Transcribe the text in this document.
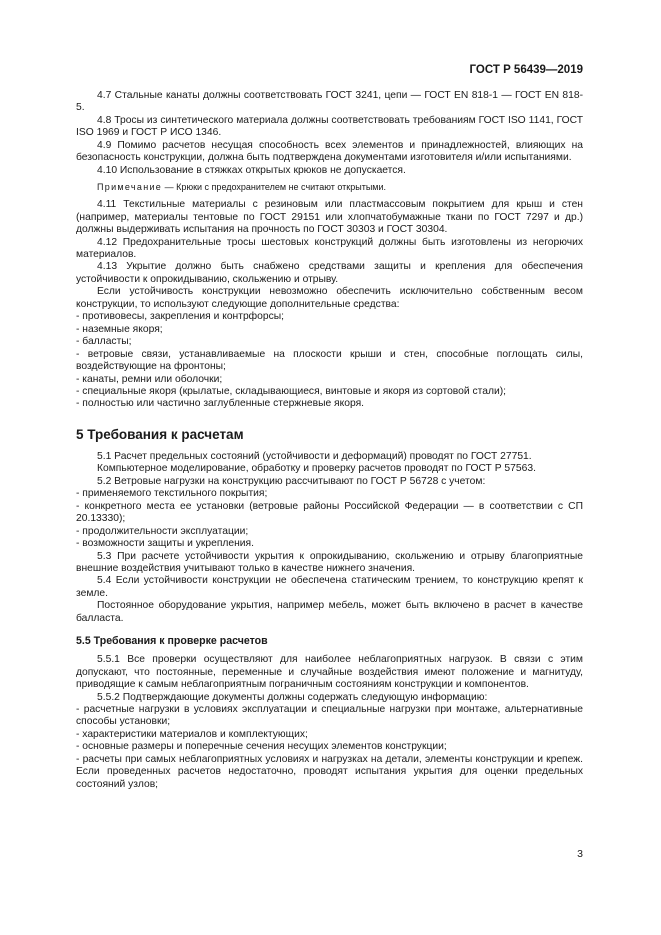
ГОСТ Р 56439—2019

4.7 Стальные канаты должны соответствовать ГОСТ 3241, цепи — ГОСТ EN 818-1 — ГОСТ EN 818-5.

4.8 Тросы из синтетического материала должны соответствовать требованиям ГОСТ ISO 1141, ГОСТ ISO 1969 и ГОСТ Р ИСО 1346.

4.9 Помимо расчетов несущая способность всех элементов и принадлежностей, влияющих на безопасность конструкции, должна быть подтверждена документами изготовителя и/или испытаниями.

4.10 Использование в стяжках открытых крюков не допускается.

Примечание — Крюки с предохранителем не считают открытыми.

4.11 Текстильные материалы с резиновым или пластмассовым покрытием для крыш и стен (например, материалы тентовые по ГОСТ 29151 или хлопчатобумажные ткани по ГОСТ 7297 и др.) должны выдерживать испытания на прочность по ГОСТ 30303 и ГОСТ 30304.

4.12 Предохранительные тросы шестовых конструкций должны быть изготовлены из негорючих материалов.

4.13 Укрытие должно быть снабжено средствами защиты и крепления для обеспечения устойчивости к опрокидыванию, скольжению и отрыву.

Если устойчивость конструкции невозможно обеспечить исключительно собственным весом конструкции, то используют следующие дополнительные средства:

- противовесы, закрепления и контрфорсы;

- наземные якоря;

- балласты;

- ветровые связи, устанавливаемые на плоскости крыши и стен, способные поглощать силы, воздействующие на фронтоны;

- канаты, ремни или оболочки;

- специальные якоря (крылатые, складывающиеся, винтовые и якоря из сортовой стали);

- полностью или частично заглубленные стержневые якоря.

5 Требования к расчетам

5.1 Расчет предельных состояний (устойчивости и деформаций) проводят по ГОСТ 27751.

Компьютерное моделирование, обработку и проверку расчетов проводят по ГОСТ Р 57563.

5.2 Ветровые нагрузки на конструкцию рассчитывают по ГОСТ Р 56728 с учетом:

- применяемого текстильного покрытия;

- конкретного места ее установки (ветровые районы Российской Федерации — в соответствии с СП 20.13330);

- продолжительности эксплуатации;

- возможности защиты и укрепления.

5.3 При расчете устойчивости укрытия к опрокидыванию, скольжению и отрыву благоприятные внешние воздействия учитывают только в качестве нижнего значения.

5.4 Если устойчивости конструкции не обеспечена статическим трением, то конструкцию крепят к земле.

Постоянное оборудование укрытия, например мебель, может быть включено в расчет в качестве балласта.

5.5 Требования к проверке расчетов

5.5.1 Все проверки осуществляют для наиболее неблагоприятных нагрузок. В связи с этим допускают, что постоянные, переменные и случайные воздействия имеют положение и магнитуду, приводящие к самым неблагоприятным пограничным состояниям конструкции и компонентов.

5.5.2 Подтверждающие документы должны содержать следующую информацию:

- расчетные нагрузки в условиях эксплуатации и специальные нагрузки при монтаже, альтернативные способы установки;

- характеристики материалов и комплектующих;

- основные размеры и поперечные сечения несущих элементов конструкции;

- расчеты при самых неблагоприятных условиях и нагрузках на детали, элементы конструкции и крепеж. Если проведенных расчетов недостаточно, проводят испытания укрытия для оценки предельных состояний узлов;

3
